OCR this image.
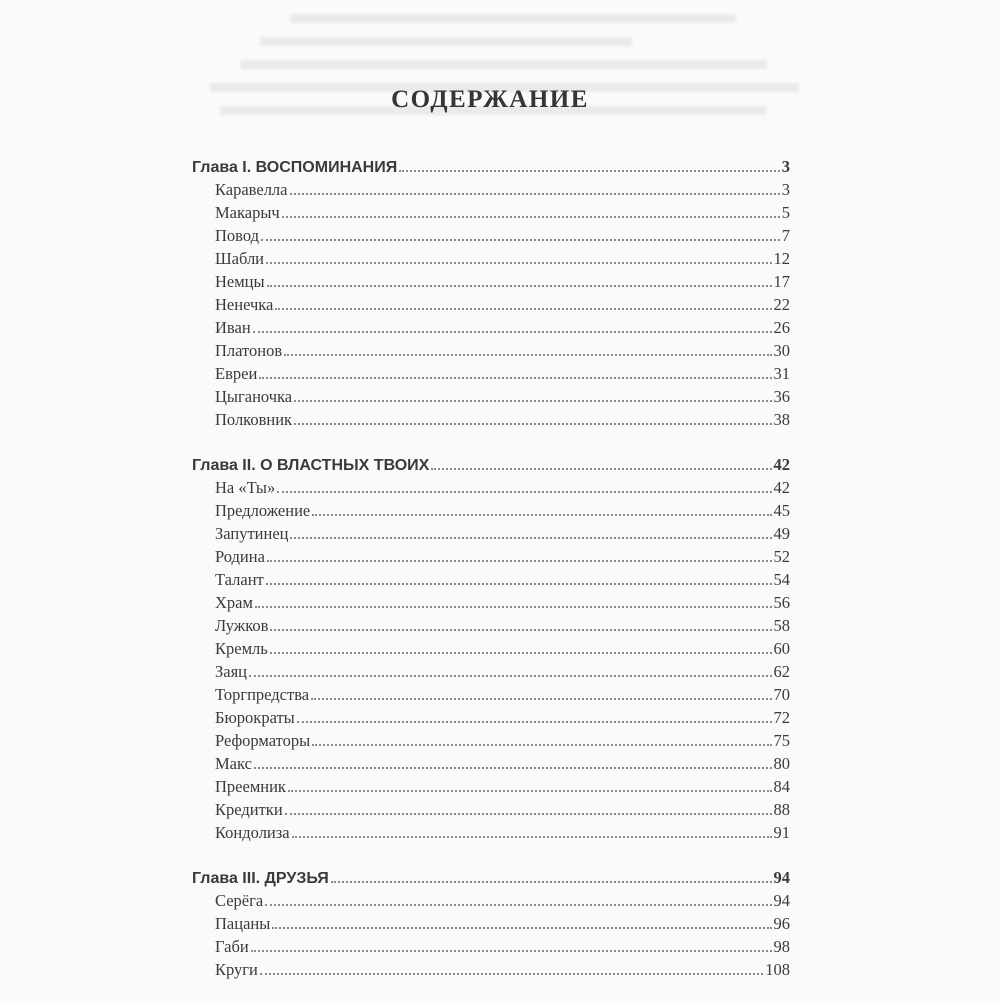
СОДЕРЖАНИЕ
Глава I. ВОСПОМИНАНИЯ	3
Каравелла	3
Макарыч	5
Повод	7
Шабли	12
Немцы	17
Ненечка	22
Иван	26
Платонов	30
Евреи	31
Цыганочка	36
Полковник	38
Глава II. О ВЛАСТНЫХ ТВОИХ	42
На «Ты»	42
Предложение	45
Запутинец	49
Родина	52
Талант	54
Храм	56
Лужков	58
Кремль	60
Заяц	62
Торгпредства	70
Бюрократы	72
Реформаторы	75
Макс	80
Преемник	84
Кредитки	88
Кондолиза	91
Глава III. ДРУЗЬЯ	94
Серёга	94
Пацаны	96
Габи	98
Круги	108
